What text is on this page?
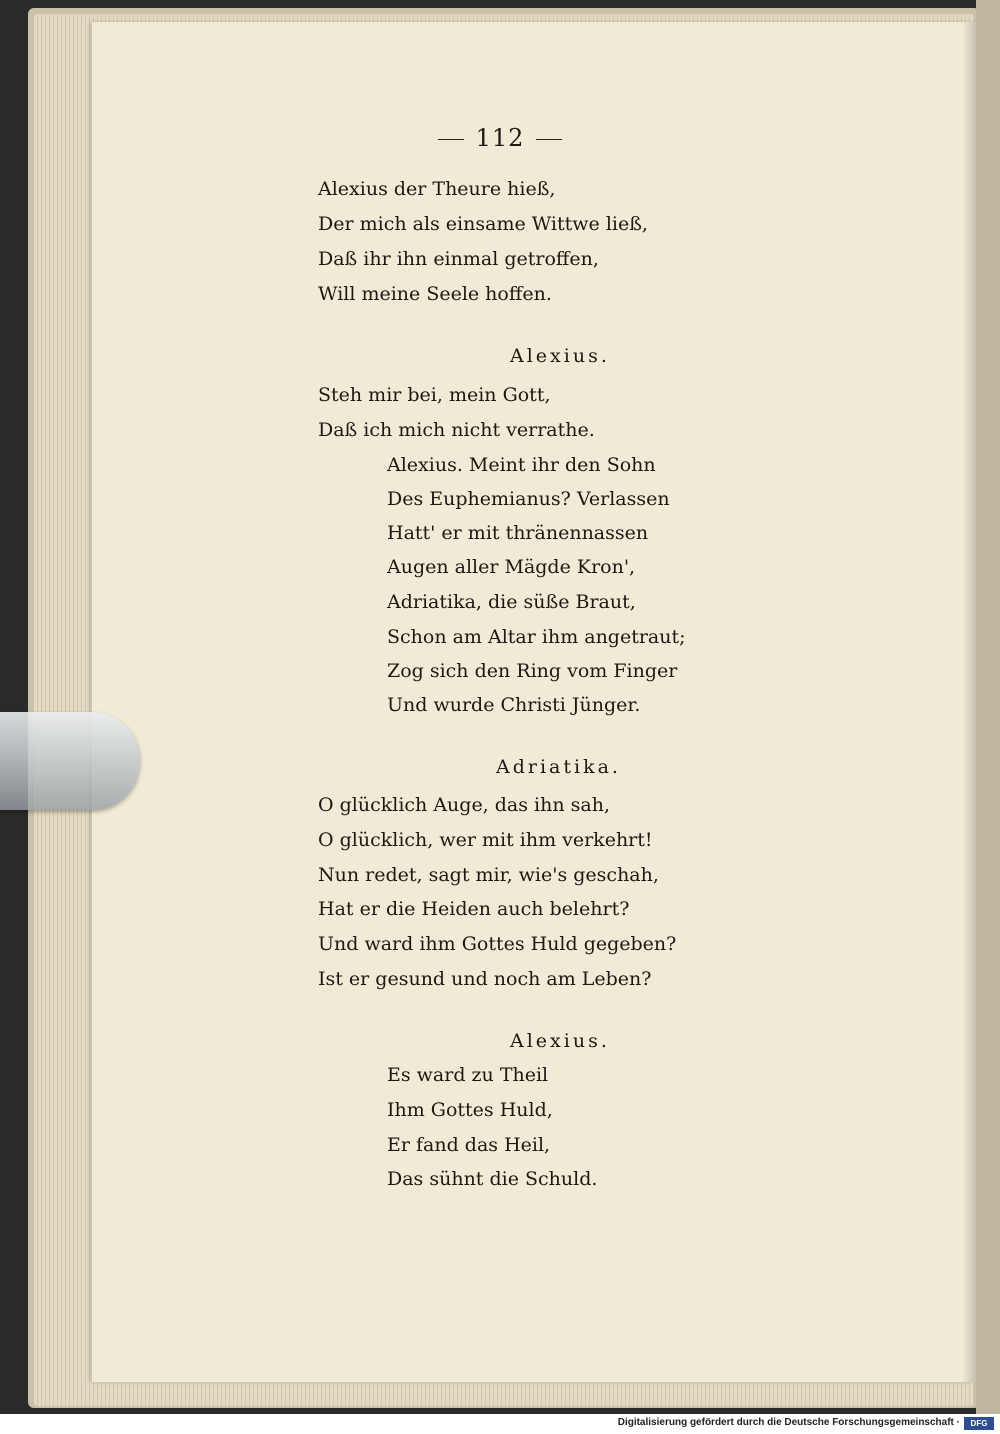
112
Alexius der Theure hieß,
Der mich als einsame Wittwe ließ,
Daß ihr ihn einmal getroffen,
Will meine Seele hoffen.
Alexius.
Steh mir bei, mein Gott,
Daß ich mich nicht verrathe.
Alexius. Meint ihr den Sohn
Des Euphemianus? Verlassen
Hatt' er mit thränennassen
Augen aller Mägde Kron',
Adriatika, die süße Braut,
Schon am Altar ihm angetraut;
Zog sich den Ring vom Finger
Und wurde Christi Jünger.
Adriatika.
O glücklich Auge, das ihn sah,
O glücklich, wer mit ihm verkehrt!
Nun redet, sagt mir, wie's geschah,
Hat er die Heiden auch belehrt?
Und ward ihm Gottes Huld gegeben?
Ist er gesund und noch am Leben?
Alexius.
Es ward zu Theil
Ihm Gottes Huld,
Er fand das Heil,
Das sühnt die Schuld.
Digitalisierung gefördert durch die Deutsche Forschungsgemeinschaft ·	DFG
